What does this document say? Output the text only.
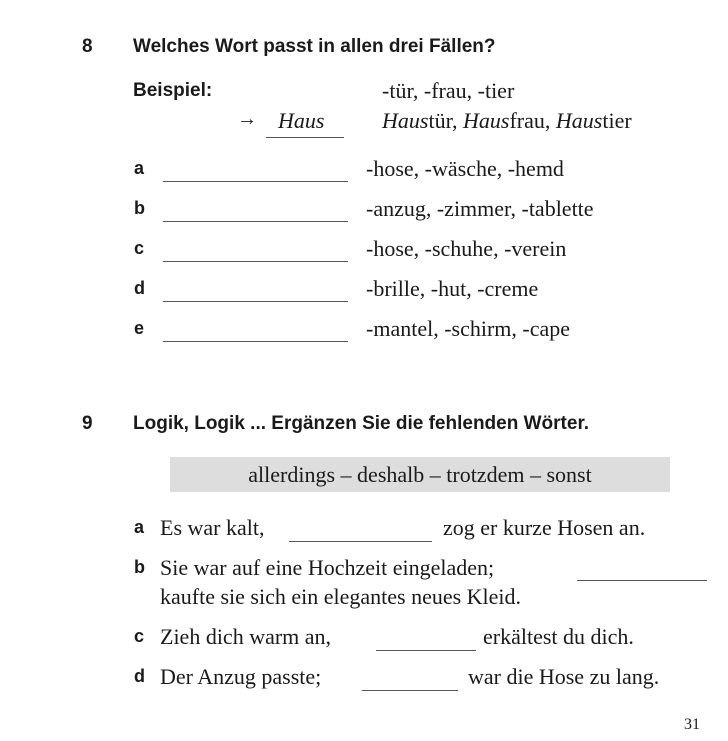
8 Welches Wort passt in allen drei Fällen?
Beispiel:	-tür, -frau, -tier
→ Haus	Haustür, Hausfrau, Haustier
a	-hose, -wäsche, -hemd
b	-anzug, -zimmer, -tablette
c	-hose, -schuhe, -verein
d	-brille, -hut, -creme
e	-mantel, -schirm, -cape
9 Logik, Logik ... Ergänzen Sie die fehlenden Wörter.
allerdings – deshalb – trotzdem – sonst
a Es war kalt,	zog er kurze Hosen an.
b Sie war auf eine Hochzeit eingeladen;
kaufte sie sich ein elegantes neues Kleid.
c Zieh dich warm an,	erkältest du dich.
d Der Anzug passte;	war die Hose zu lang.
31
